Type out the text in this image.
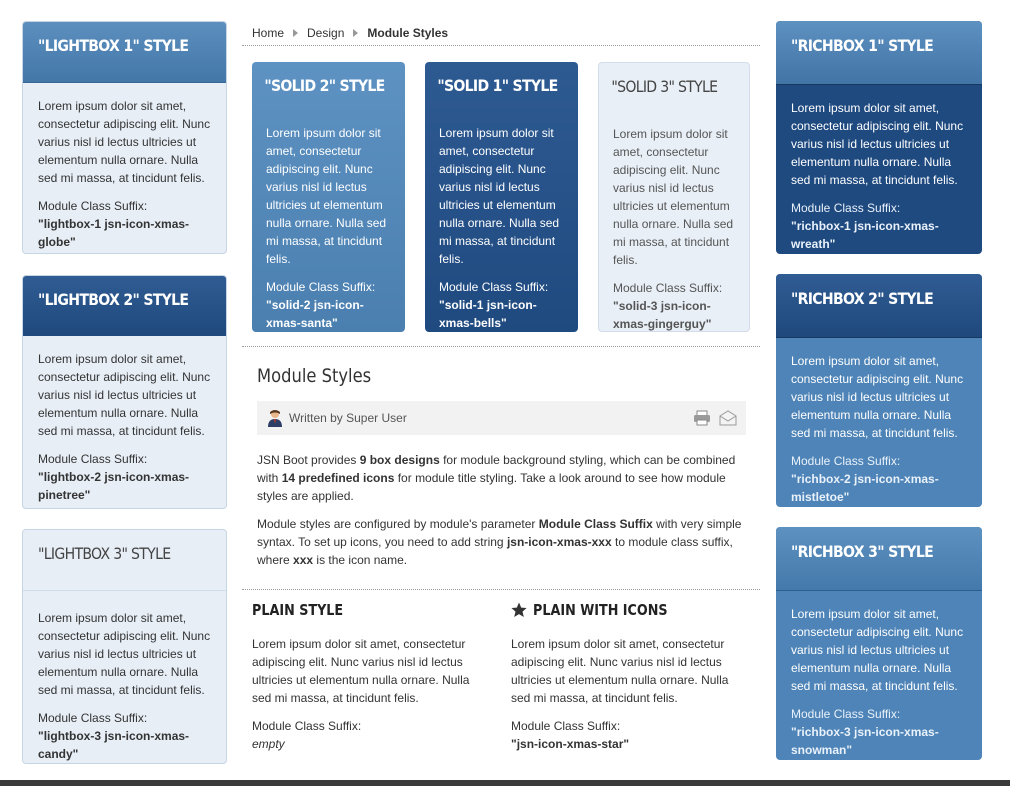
"LIGHTBOX 1" STYLE

Lorem ipsum dolor sit amet, consectetur adipiscing elit. Nunc varius nisl id lectus ultricies ut elementum nulla ornare. Nulla sed mi massa, at tincidunt felis.

Module Class Suffix:

"lightbox-1 jsn-icon-xmas-globe"

"LIGHTBOX 2" STYLE

Lorem ipsum dolor sit amet, consectetur adipiscing elit. Nunc varius nisl id lectus ultricies ut elementum nulla ornare. Nulla sed mi massa, at tincidunt felis.

Module Class Suffix:

"lightbox-2 jsn-icon-xmas-pinetree"

"LIGHTBOX 3" STYLE

Lorem ipsum dolor sit amet, consectetur adipiscing elit. Nunc varius nisl id lectus ultricies ut elementum nulla ornare. Nulla sed mi massa, at tincidunt felis.

Module Class Suffix:

"lightbox-3 jsn-icon-xmas-candy"

Home Design Module Styles
"SOLID 2" STYLE

Lorem ipsum dolor sit amet, consectetur adipiscing elit. Nunc varius nisl id lectus ultricies ut elementum nulla ornare. Nulla sed mi massa, at tincidunt felis.

Module Class Suffix:

"solid-2 jsn-icon-xmas-santa"

"SOLID 1" STYLE

Lorem ipsum dolor sit amet, consectetur adipiscing elit. Nunc varius nisl id lectus ultricies ut elementum nulla ornare. Nulla sed mi massa, at tincidunt felis.

Module Class Suffix:

"solid-1 jsn-icon-xmas-bells"

"SOLID 3" STYLE

Lorem ipsum dolor sit amet, consectetur adipiscing elit. Nunc varius nisl id lectus ultricies ut elementum nulla ornare. Nulla sed mi massa, at tincidunt felis.

Module Class Suffix:

"solid-3 jsn-icon-xmas-gingerguy"

Module Styles
Written by Super User

JSN Boot provides 9 box designs for module background styling, which can be combined with 14 predefined icons for module title styling. Take a look around to see how module styles are applied.

Module styles are configured by module's parameter Module Class Suffix with very simple syntax. To set up icons, you need to add string jsn-icon-xmas-xxx to module class suffix, where xxx is the icon name.

PLAIN STYLE

Lorem ipsum dolor sit amet, consectetur adipiscing elit. Nunc varius nisl id lectus ultricies ut elementum nulla ornare. Nulla sed mi massa, at tincidunt felis.

Module Class Suffix:

empty

PLAIN WITH ICONS

Lorem ipsum dolor sit amet, consectetur adipiscing elit. Nunc varius nisl id lectus ultricies ut elementum nulla ornare. Nulla sed mi massa, at tincidunt felis.

Module Class Suffix:

"jsn-icon-xmas-star"

"RICHBOX 1" STYLE

Lorem ipsum dolor sit amet, consectetur adipiscing elit. Nunc varius nisl id lectus ultricies ut elementum nulla ornare. Nulla sed mi massa, at tincidunt felis.

Module Class Suffix:

"richbox-1 jsn-icon-xmas-wreath"

"RICHBOX 2" STYLE

Lorem ipsum dolor sit amet, consectetur adipiscing elit. Nunc varius nisl id lectus ultricies ut elementum nulla ornare. Nulla sed mi massa, at tincidunt felis.

Module Class Suffix:

"richbox-2 jsn-icon-xmas-mistletoe"

"RICHBOX 3" STYLE

Lorem ipsum dolor sit amet, consectetur adipiscing elit. Nunc varius nisl id lectus ultricies ut elementum nulla ornare. Nulla sed mi massa, at tincidunt felis.

Module Class Suffix:

"richbox-3 jsn-icon-xmas-snowman"
